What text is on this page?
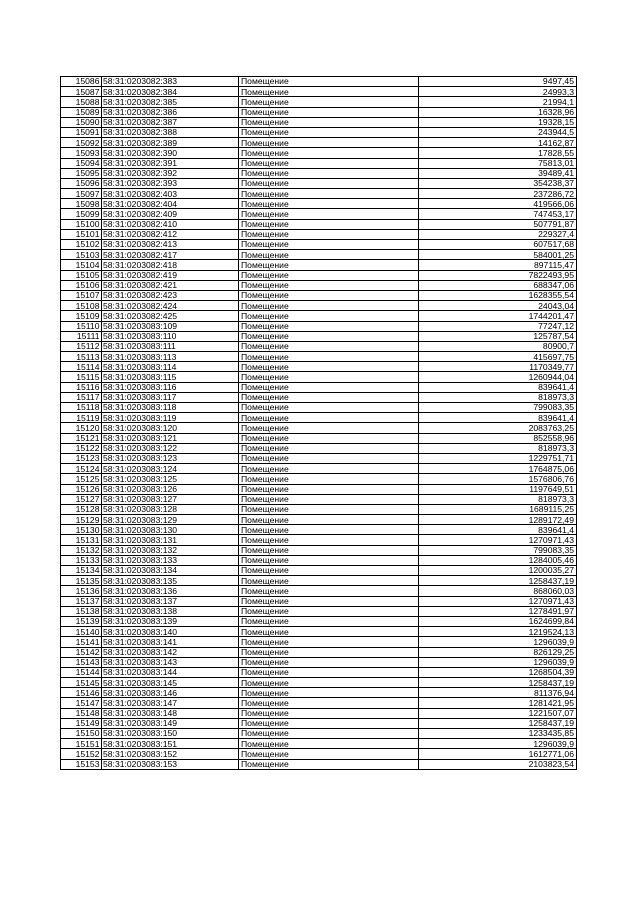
15086	58:31:0203082:383	Помещение	9497,45
15087	58:31:0203082:384	Помещение	24993,3
15088	58:31:0203082:385	Помещение	21994,1
15089	58:31:0203082:386	Помещение	16328,96
15090	58:31:0203082:387	Помещение	19328,15
15091	58:31:0203082:388	Помещение	243944,5
15092	58:31:0203082:389	Помещение	14162,87
15093	58:31:0203082:390	Помещение	17828,55
15094	58:31:0203082:391	Помещение	75813,01
15095	58:31:0203082:392	Помещение	39489,41
15096	58:31:0203082:393	Помещение	354238,37
15097	58:31:0203082:403	Помещение	237286,72
15098	58:31:0203082:404	Помещение	419566,06
15099	58:31:0203082:409	Помещение	747453,17
15100	58:31:0203082:410	Помещение	507791,87
15101	58:31:0203082:412	Помещение	229327,4
15102	58:31:0203082:413	Помещение	607517,68
15103	58:31:0203082:417	Помещение	584001,25
15104	58:31:0203082:418	Помещение	897115,47
15105	58:31:0203082:419	Помещение	7822493,95
15106	58:31:0203082:421	Помещение	688347,06
15107	58:31:0203082:423	Помещение	1628355,54
15108	58:31:0203082:424	Помещение	24043,04
15109	58:31:0203082:425	Помещение	1744201,47
15110	58:31:0203083:109	Помещение	77247,12
15111	58:31:0203083:110	Помещение	125787,54
15112	58:31:0203083:111	Помещение	80900,7
15113	58:31:0203083:113	Помещение	415697,75
15114	58:31:0203083:114	Помещение	1170349,77
15115	58:31:0203083:115	Помещение	1260944,04
15116	58:31:0203083:116	Помещение	839641,4
15117	58:31:0203083:117	Помещение	818973,3
15118	58:31:0203083:118	Помещение	799083,35
15119	58:31:0203083:119	Помещение	839641,4
15120	58:31:0203083:120	Помещение	2083763,25
15121	58:31:0203083:121	Помещение	852558,96
15122	58:31:0203083:122	Помещение	818973,3
15123	58:31:0203083:123	Помещение	1229751,71
15124	58:31:0203083:124	Помещение	1764875,06
15125	58:31:0203083:125	Помещение	1576806,76
15126	58:31:0203083:126	Помещение	1197649,51
15127	58:31:0203083:127	Помещение	818973,3
15128	58:31:0203083:128	Помещение	1689115,25
15129	58:31:0203083:129	Помещение	1289172,49
15130	58:31:0203083:130	Помещение	839641,4
15131	58:31:0203083:131	Помещение	1270971,43
15132	58:31:0203083:132	Помещение	799083,35
15133	58:31:0203083:133	Помещение	1284005,46
15134	58:31:0203083:134	Помещение	1200035,27
15135	58:31:0203083:135	Помещение	1258437,19
15136	58:31:0203083:136	Помещение	868060,03
15137	58:31:0203083:137	Помещение	1270971,43
15138	58:31:0203083:138	Помещение	1278491,97
15139	58:31:0203083:139	Помещение	1624699,84
15140	58:31:0203083:140	Помещение	1219524,13
15141	58:31:0203083:141	Помещение	1296039,9
15142	58:31:0203083:142	Помещение	826129,25
15143	58:31:0203083:143	Помещение	1296039,9
15144	58:31:0203083:144	Помещение	1268504,39
15145	58:31:0203083:145	Помещение	1258437,19
15146	58:31:0203083:146	Помещение	811376,94
15147	58:31:0203083:147	Помещение	1281421,95
15148	58:31:0203083:148	Помещение	1221507,07
15149	58:31:0203083:149	Помещение	1258437,19
15150	58:31:0203083:150	Помещение	1233435,85
15151	58:31:0203083:151	Помещение	1296039,9
15152	58:31:0203083:152	Помещение	1612771,06
15153	58:31:0203083:153	Помещение	2103823,54
